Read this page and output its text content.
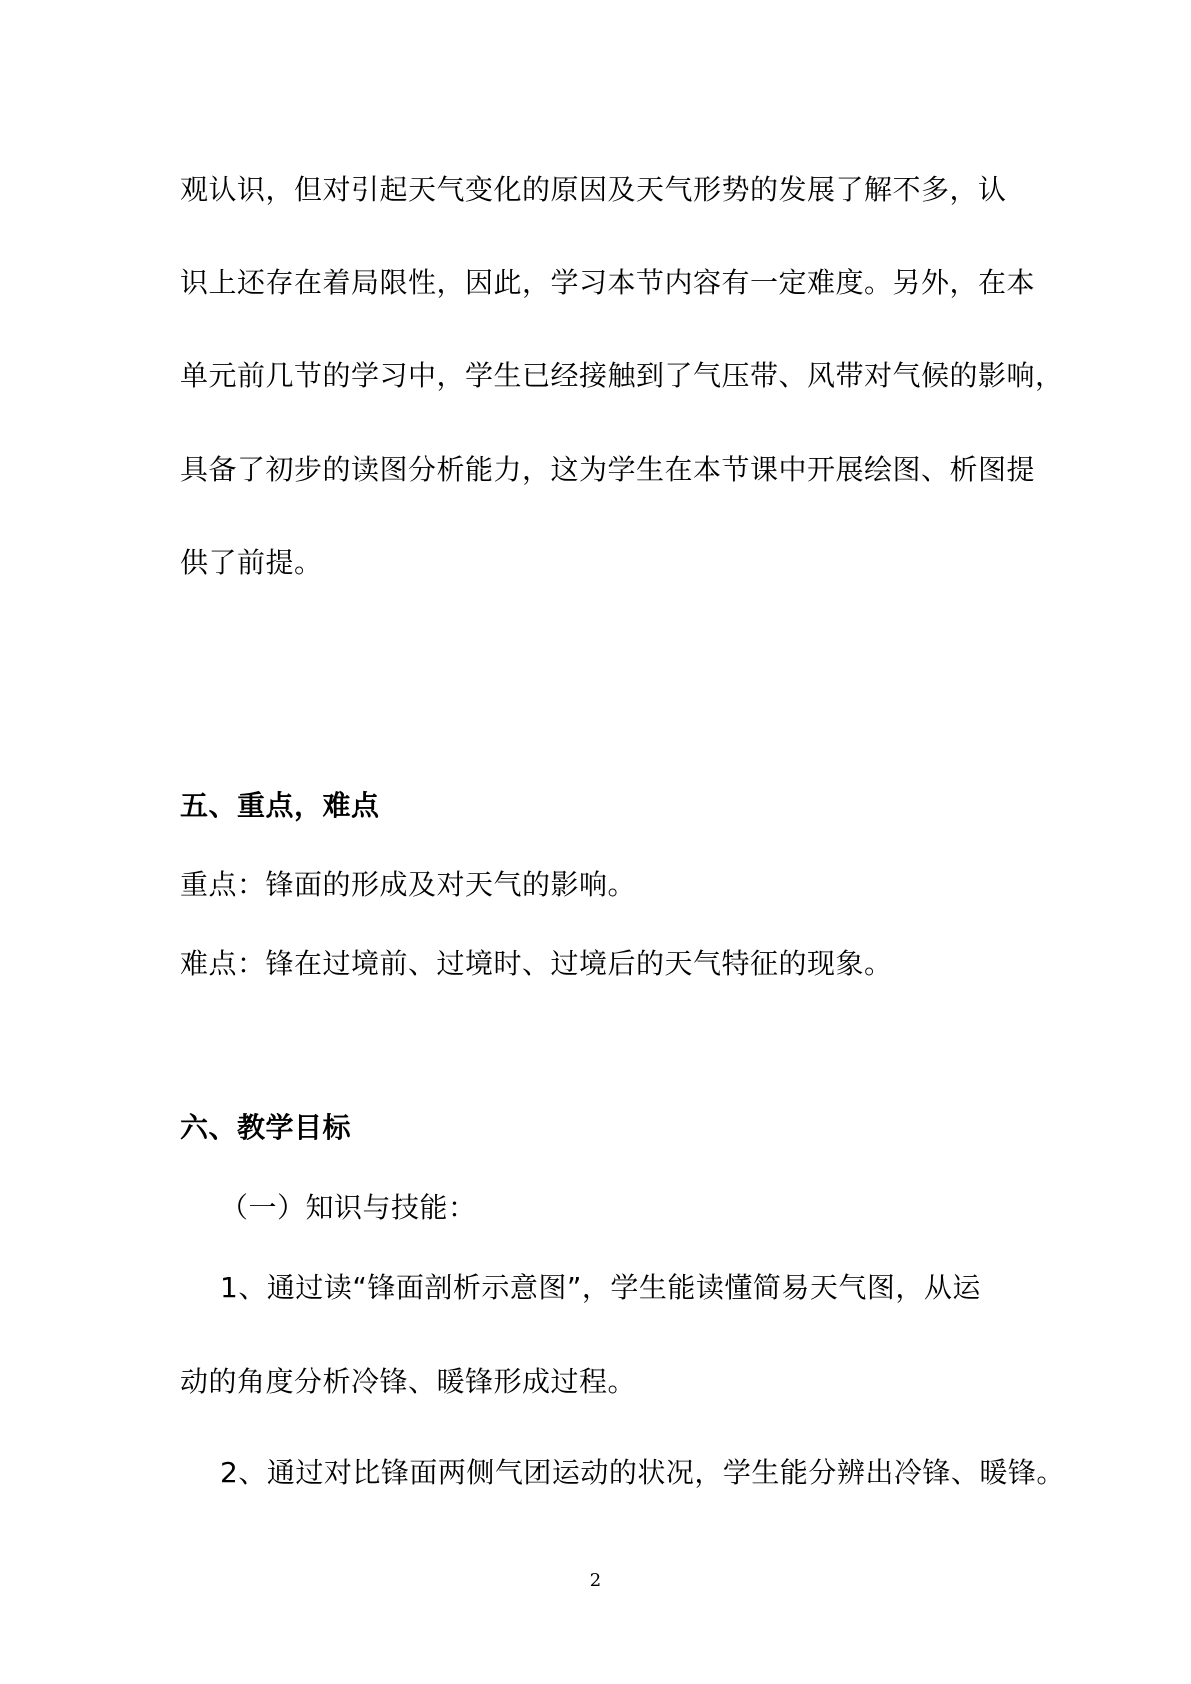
观认识，但对引起天气变化的原因及天气形势的发展了解不多，认
识上还存在着局限性，因此，学习本节内容有一定难度。另外，在本
单元前几节的学习中，学生已经接触到了气压带、风带对气候的影响，
具备了初步的读图分析能力，这为学生在本节课中开展绘图、析图提
供了前提。
五、重点，难点
重点：锋面的形成及对天气的影响。
难点：锋在过境前、过境时、过境后的天气特征的现象。
六、教学目标
（一）知识与技能：
1、通过读“锋面剖析示意图”，学生能读懂简易天气图，从运
动的角度分析冷锋、暖锋形成过程。
2、通过对比锋面两侧气团运动的状况，学生能分辨出冷锋、暖锋。
2
